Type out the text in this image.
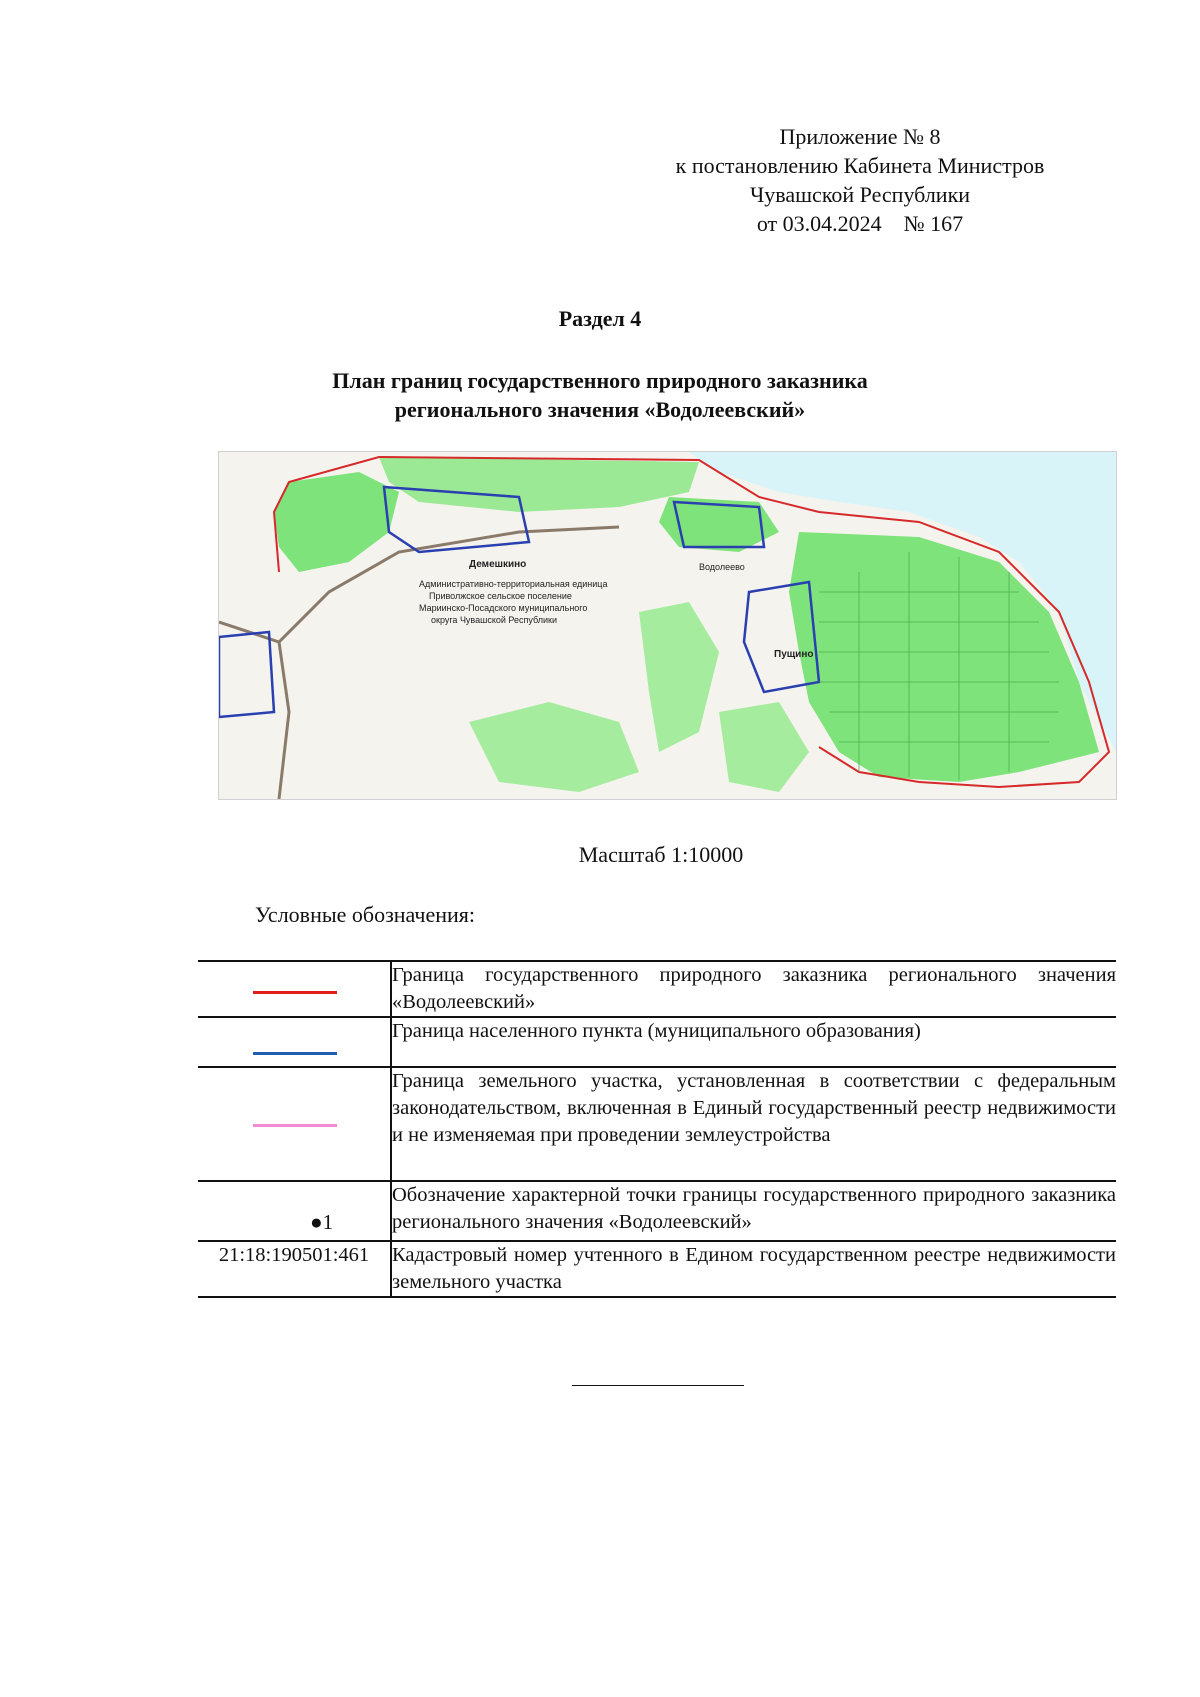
Приложение № 8
к постановлению Кабинета Министров
Чувашской Республики
от 03.04.2024    № 167
Раздел 4
План границ государственного природного заказника
регионального значения «Водолеевский»
Демешкино	Водолеево
Пущино
Административно-территориальная единица
Приволжское сельское поселение
Мариинско-Посадского муниципального
округа Чувашской Республики
Масштаб 1:10000
Условные обозначения:
	Граница государственного природного заказника регионального значения «Водолеевский»

	Граница населенного пункта (муниципального образования)

	Граница земельного участка, установленная в соответствии с федеральным законодательством, включенная в Единый государственный реестр недвижимости и не изменяемая при проведении землеустройства

●1	Обозначение характерной точки границы государственного природного заказника регионального значения «Водолеевский»
21:18:190501:461	Кадастровый номер учтенного в Едином государственном реестре недвижимости земельного участка
